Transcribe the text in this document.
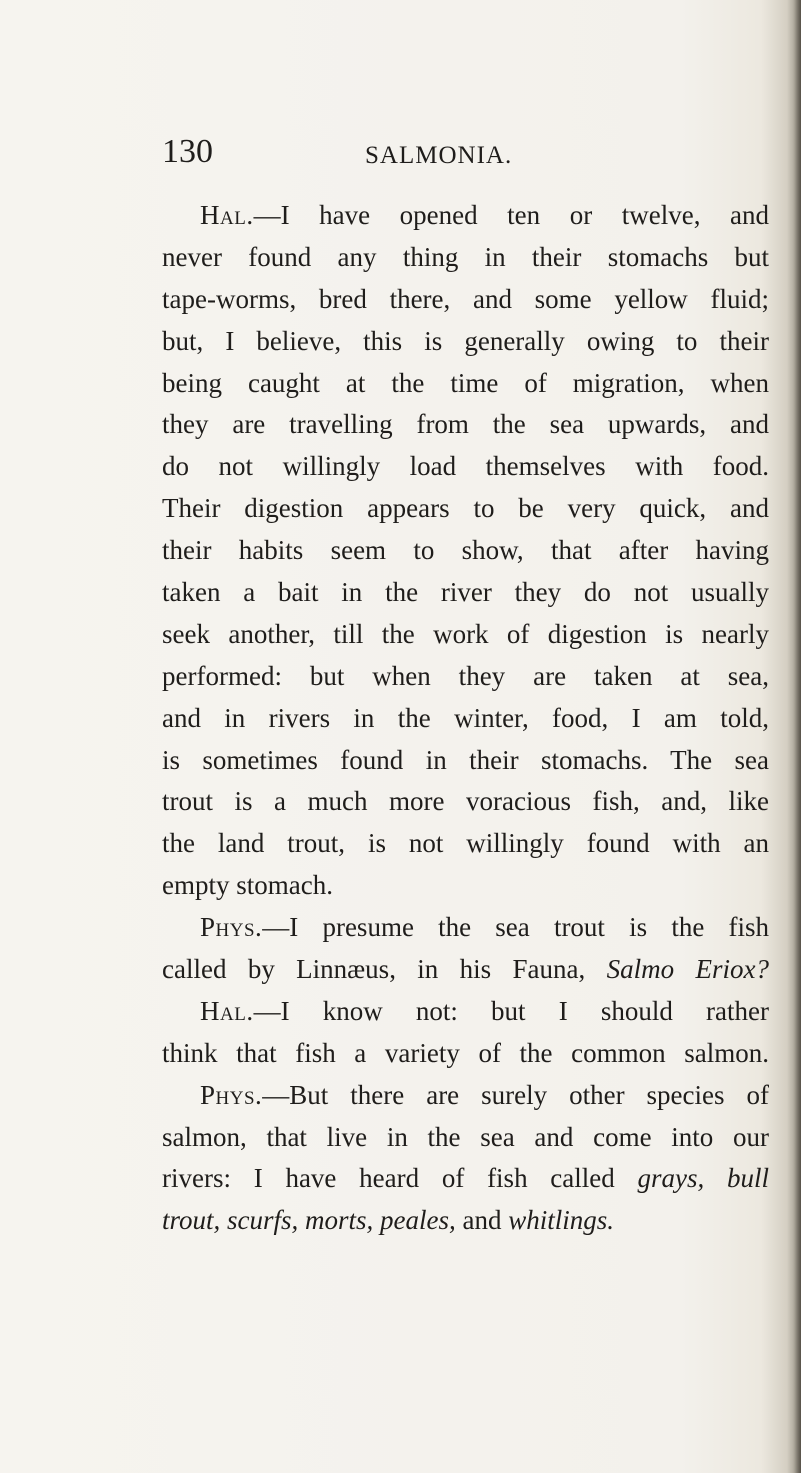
130	SALMONIA.
Hal.—I have opened ten or twelve, and
never found any thing in their stomachs but
tape-worms, bred there, and some yellow fluid;
but, I believe, this is generally owing to their
being caught at the time of migration, when
they are travelling from the sea upwards, and
do not willingly load themselves with food.
Their digestion appears to be very quick, and
their habits seem to show, that after having
taken a bait in the river they do not usually
seek another, till the work of digestion is nearly
performed: but when they are taken at sea,
and in rivers in the winter, food, I am told,
is sometimes found in their stomachs. The sea
trout is a much more voracious fish, and, like
the land trout, is not willingly found with an
empty stomach.
Phys.—I presume the sea trout is the fish
called by Linnæus, in his Fauna, Salmo Eriox?
Hal.—I know not: but I should rather
think that fish a variety of the common salmon.
Phys.—But there are surely other species of
salmon, that live in the sea and come into our
rivers: I have heard of fish called grays, bull
trout, scurfs, morts, peales, and whitlings.
